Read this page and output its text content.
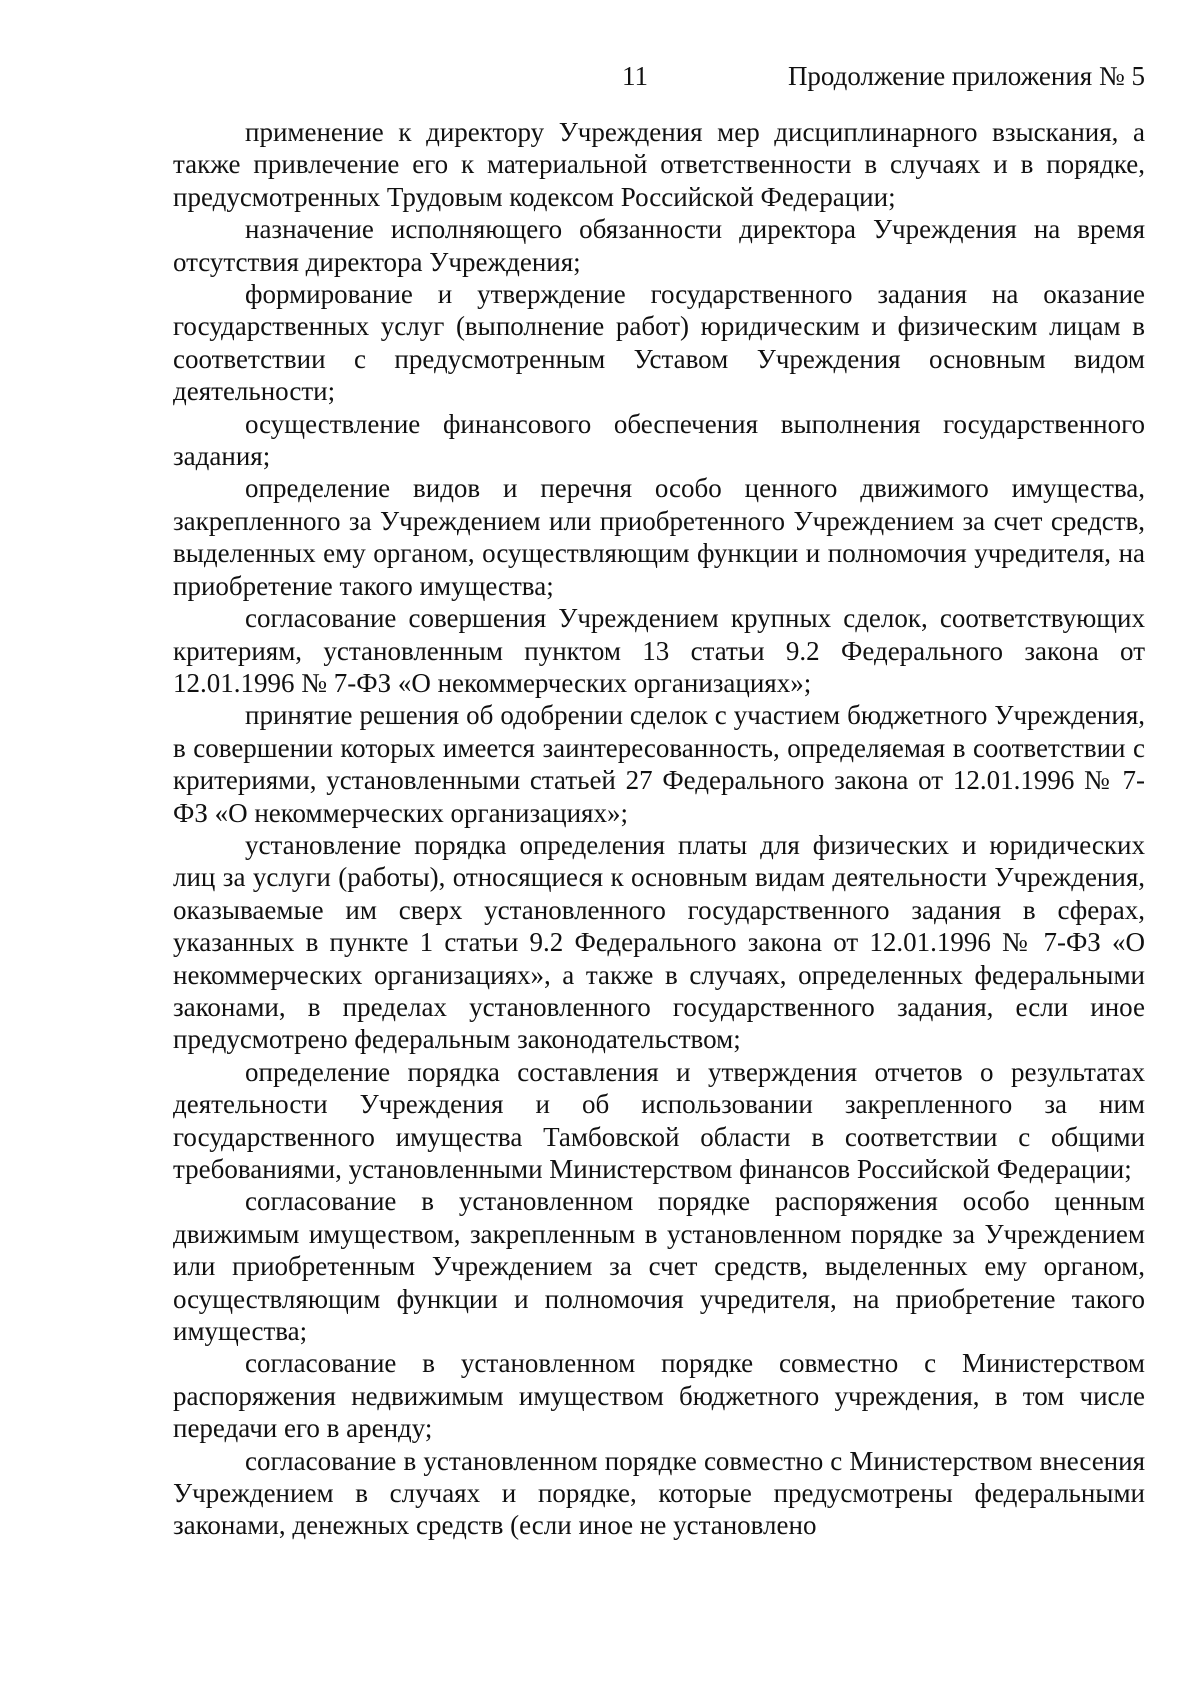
11	Продолжение приложения № 5

применение к директору Учреждения мер дисциплинарного взыскания, а также привлечение его к материальной ответственности в случаях и в порядке, предусмотренных Трудовым кодексом Российской Федерации;

назначение исполняющего обязанности директора Учреждения на время отсутствия директора Учреждения;

формирование и утверждение государственного задания на оказание государственных услуг (выполнение работ) юридическим и физическим лицам в соответствии с предусмотренным Уставом Учреждения основным видом деятельности;

осуществление финансового обеспечения выполнения государственного задания;

определение видов и перечня особо ценного движимого имущества, закрепленного за Учреждением или приобретенного Учреждением за счет средств, выделенных ему органом, осуществляющим функции и полномочия учредителя, на приобретение такого имущества;

согласование совершения Учреждением крупных сделок, соответствующих критериям, установленным пунктом 13 статьи 9.2 Федерального закона от 12.01.1996 № 7-ФЗ «О некоммерческих организациях»;

принятие решения об одобрении сделок с участием бюджетного Учреждения, в совершении которых имеется заинтересованность, определяемая в соответствии с критериями, установленными статьей 27 Федерального закона от 12.01.1996 № 7-ФЗ «О некоммерческих организациях»;

установление порядка определения платы для физических и юридических лиц за услуги (работы), относящиеся к основным видам деятельности Учреждения, оказываемые им сверх установленного государственного задания в сферах, указанных в пункте 1 статьи 9.2 Федерального закона от 12.01.1996 № 7-ФЗ «О некоммерческих организациях», а также в случаях, определенных федеральными законами, в пределах установленного государственного задания, если иное предусмотрено федеральным законодательством;

определение порядка составления и утверждения отчетов о результатах деятельности Учреждения и об использовании закрепленного за ним государственного имущества Тамбовской области в соответствии с общими требованиями, установленными Министерством финансов Российской Федерации;

согласование в установленном порядке распоряжения особо ценным движимым имуществом, закрепленным в установленном порядке за Учреждением или приобретенным Учреждением за счет средств, выделенных ему органом, осуществляющим функции и полномочия учредителя, на приобретение такого имущества;

согласование в установленном порядке совместно с Министерством распоряжения недвижимым имуществом бюджетного учреждения, в том числе передачи его в аренду;

согласование в установленном порядке совместно с Министерством внесения Учреждением в случаях и порядке, которые предусмотрены федеральными законами, денежных средств (если иное не установлено
